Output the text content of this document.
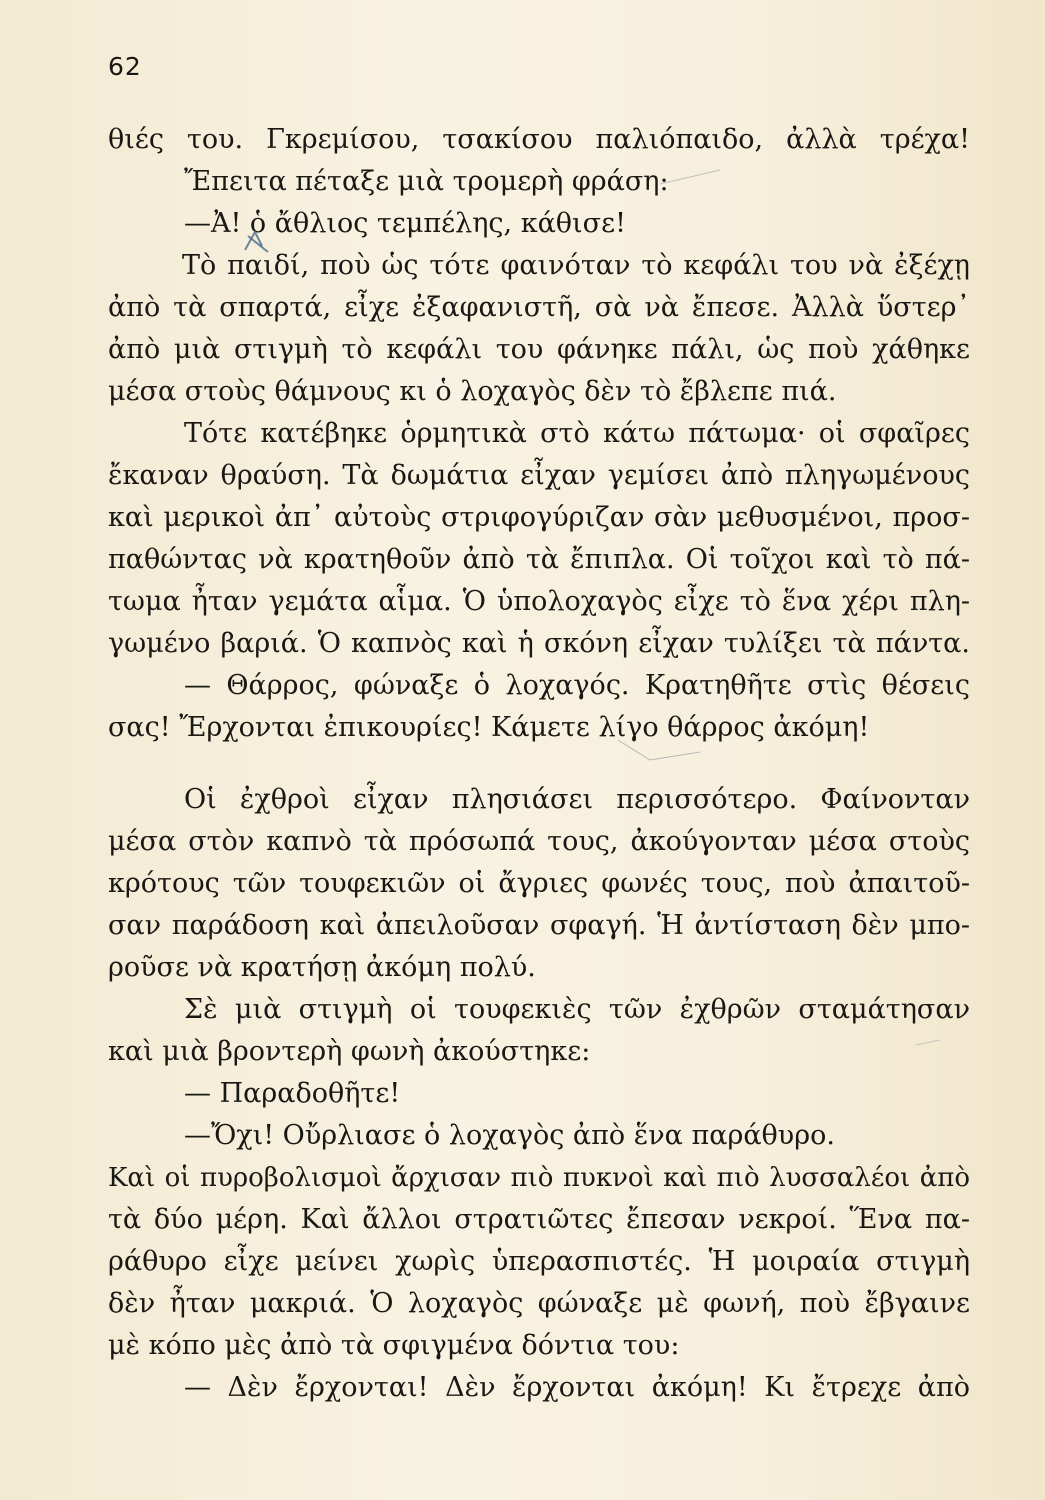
62
θιές του. Γκρεμίσου, τσακίσου παλιόπαιδο, ἀλλὰ τρέχα!
Ἔπειτα πέταξε μιὰ τρομερὴ φράση:
—Ἀ! ὁ ἄθλιος τεμπέλης, κάθισε!
Τὸ παιδί, ποὺ ὡς τότε φαινόταν τὸ κεφάλι του νὰ ἐξέχῃ
ἀπὸ τὰ σπαρτά, εἶχε ἐξαφανιστῆ, σὰ νὰ ἔπεσε. Ἀλλὰ ὕστερ᾽
ἀπὸ μιὰ στιγμὴ τὸ κεφάλι του φάνηκε πάλι, ὡς ποὺ χάθηκε
μέσα στοὺς θάμνους κι ὁ λοχαγὸς δὲν τὸ ἔβλεπε πιά.
Τότε κατέβηκε ὁρμητικὰ στὸ κάτω πάτωμα· οἱ σφαῖρες
ἔκαναν θραύση. Τὰ δωμάτια εἶχαν γεμίσει ἀπὸ πληγωμένους
καὶ μερικοὶ ἀπ᾽ αὐτοὺς στριφογύριζαν σὰν μεθυσμένοι, προσ-
παθώντας νὰ κρατηθοῦν ἀπὸ τὰ ἔπιπλα. Οἱ τοῖχοι καὶ τὸ πά-
τωμα ἦταν γεμάτα αἷμα. Ὁ ὑπολοχαγὸς εἶχε τὸ ἕνα χέρι πλη-
γωμένο βαριά. Ὁ καπνὸς καὶ ἡ σκόνη εἶχαν τυλίξει τὰ πάντα.
— Θάρρος, φώναξε ὁ λοχαγός. Κρατηθῆτε στὶς θέσεις
σας! Ἔρχονται ἐπικουρίες! Κάμετε λίγο θάρρος ἀκόμη!
Οἱ ἐχθροὶ εἶχαν πλησιάσει περισσότερο. Φαίνονταν
μέσα στὸν καπνὸ τὰ πρόσωπά τους, ἀκούγονταν μέσα στοὺς
κρότους τῶν τουφεκιῶν οἱ ἄγριες φωνές τους, ποὺ ἀπαιτοῦ-
σαν παράδοση καὶ ἀπειλοῦσαν σφαγή. Ἡ ἀντίσταση δὲν μπο-
ροῦσε νὰ κρατήσῃ ἀκόμη πολύ.
Σὲ μιὰ στιγμὴ οἱ τουφεκιὲς τῶν ἐχθρῶν σταμάτησαν
καὶ μιὰ βροντερὴ φωνὴ ἀκούστηκε:
— Παραδοθῆτε!
—Ὄχι! Οὔρλιασε ὁ λοχαγὸς ἀπὸ ἕνα παράθυρο.
Καὶ οἱ πυροβολισμοὶ ἄρχισαν πιὸ πυκνοὶ καὶ πιὸ λυσσαλέοι ἀπὸ
τὰ δύο μέρη. Καὶ ἄλλοι στρατιῶτες ἔπεσαν νεκροί. Ἕνα πα-
ράθυρο εἶχε μείνει χωρὶς ὑπερασπιστές. Ἡ μοιραία στιγμὴ
δὲν ἦταν μακριά. Ὁ λοχαγὸς φώναξε μὲ φωνή, ποὺ ἔβγαινε
μὲ κόπο μὲς ἀπὸ τὰ σφιγμένα δόντια του:
— Δὲν ἔρχονται! Δὲν ἔρχονται ἀκόμη! Κι ἔτρεχε ἀπὸ
